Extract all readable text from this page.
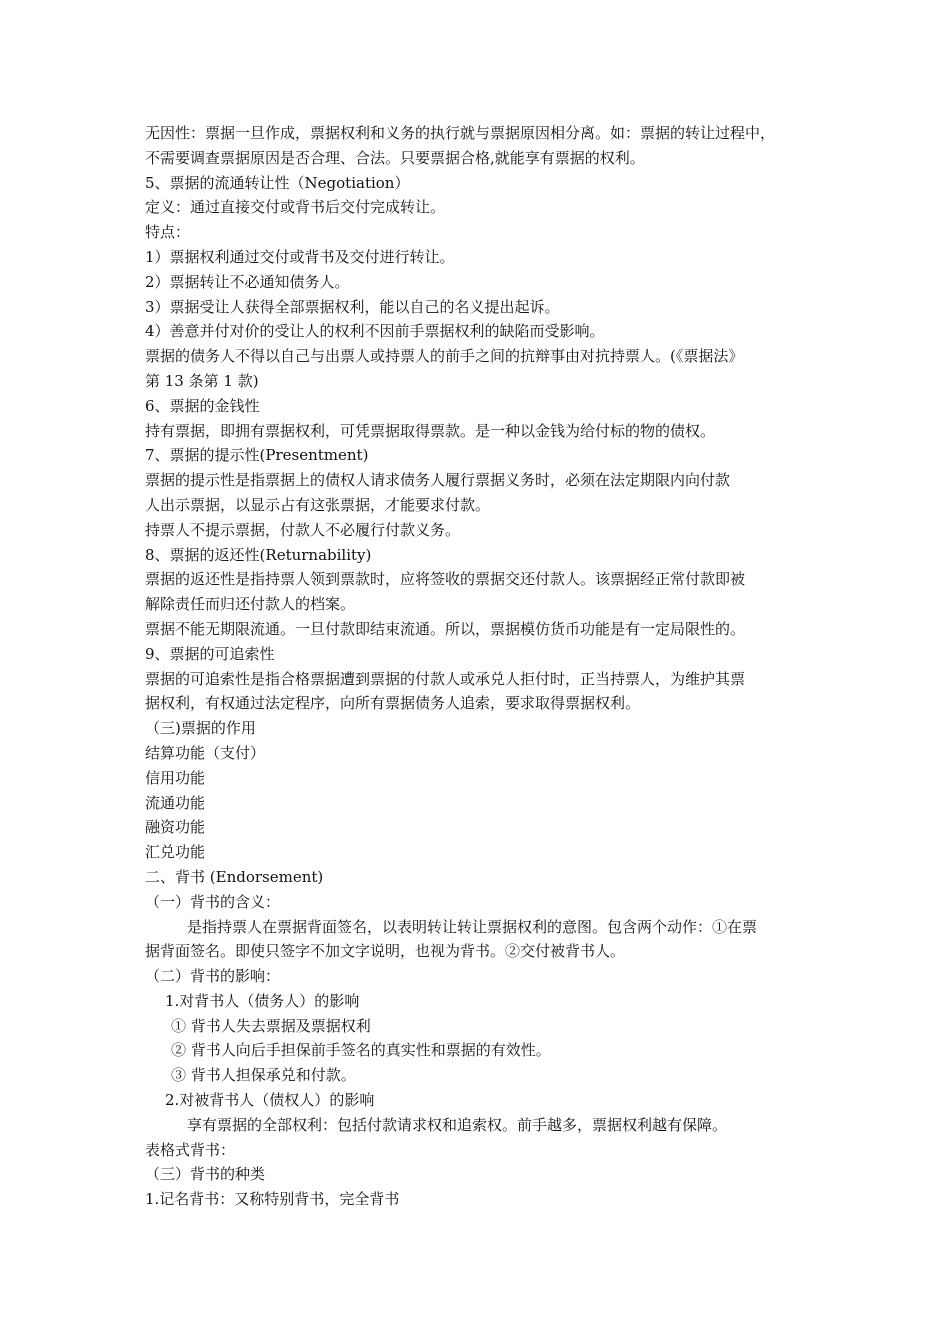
无因性：票据一旦作成，票据权利和义务的执行就与票据原因相分离。如：票据的转让过程中，
不需要调查票据原因是否合理、合法。只要票据合格,就能享有票据的权利。
5、票据的流通转让性（Negotiation）
定义：通过直接交付或背书后交付完成转让。
特点：
1）票据权利通过交付或背书及交付进行转让。
2）票据转让不必通知债务人。
3）票据受让人获得全部票据权利，能以自己的名义提出起诉。
4）善意并付对价的受让人的权利不因前手票据权利的缺陷而受影响。
票据的债务人不得以自己与出票人或持票人的前手之间的抗辩事由对抗持票人。(《票据法》
第 13 条第 1 款)
6、票据的金钱性
持有票据，即拥有票据权利，可凭票据取得票款。是一种以金钱为给付标的物的债权。
7、票据的提示性(Presentment)
票据的提示性是指票据上的债权人请求债务人履行票据义务时，必须在法定期限内向付款
人出示票据，以显示占有这张票据，才能要求付款。
持票人不提示票据，付款人不必履行付款义务。
8、票据的返还性(Returnability)
票据的返还性是指持票人领到票款时，应将签收的票据交还付款人。该票据经正常付款即被
解除责任而归还付款人的档案。
票据不能无期限流通。一旦付款即结束流通。所以，票据模仿货币功能是有一定局限性的。
9、票据的可追索性
票据的可追索性是指合格票据遭到票据的付款人或承兑人拒付时，正当持票人，为维护其票
据权利，有权通过法定程序，向所有票据债务人追索，要求取得票据权利。
（三)票据的作用
结算功能（支付）
信用功能
流通功能
融资功能
汇兑功能
二、背书 (Endorsement)
（一）背书的含义：
是指持票人在票据背面签名，以表明转让转让票据权利的意图。包含两个动作：①在票
据背面签名。即使只签字不加文字说明，也视为背书。②交付被背书人。
（二）背书的影响：
1.对背书人（债务人）的影响
① 背书人失去票据及票据权利
② 背书人向后手担保前手签名的真实性和票据的有效性。
③ 背书人担保承兑和付款。
2.对被背书人（债权人）的影响
享有票据的全部权利：包括付款请求权和追索权。前手越多，票据权利越有保障。
表格式背书：
（三）背书的种类
1.记名背书：又称特别背书，完全背书
